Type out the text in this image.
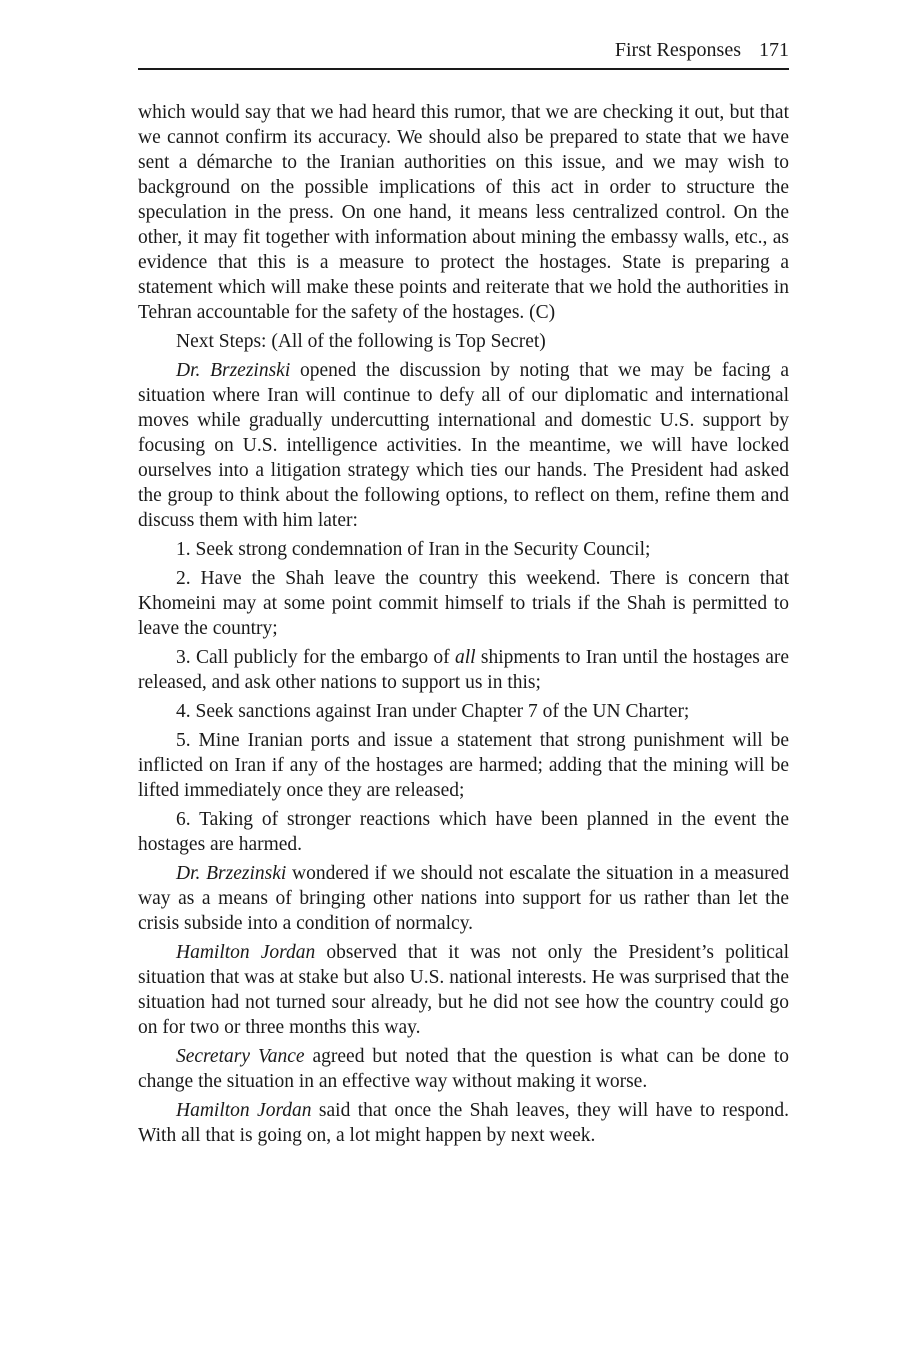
First Responses 171

which would say that we had heard this rumor, that we are checking it out, but that we cannot confirm its accuracy. We should also be prepared to state that we have sent a démarche to the Iranian authorities on this issue, and we may wish to background on the possible implications of this act in order to structure the speculation in the press. On one hand, it means less centralized control. On the other, it may fit together with information about mining the embassy walls, etc., as evidence that this is a measure to protect the hostages. State is preparing a statement which will make these points and reiterate that we hold the authorities in Tehran accountable for the safety of the hostages. (C)

Next Steps: (All of the following is Top Secret)

Dr. Brzezinski opened the discussion by noting that we may be facing a situation where Iran will continue to defy all of our diplomatic and international moves while gradually undercutting international and domestic U.S. support by focusing on U.S. intelligence activities. In the meantime, we will have locked ourselves into a litigation strategy which ties our hands. The President had asked the group to think about the following options, to reflect on them, refine them and discuss them with him later:

1. Seek strong condemnation of Iran in the Security Council;

2. Have the Shah leave the country this weekend. There is concern that Khomeini may at some point commit himself to trials if the Shah is permitted to leave the country;

3. Call publicly for the embargo of all shipments to Iran until the hostages are released, and ask other nations to support us in this;

4. Seek sanctions against Iran under Chapter 7 of the UN Charter;

5. Mine Iranian ports and issue a statement that strong punishment will be inflicted on Iran if any of the hostages are harmed; adding that the mining will be lifted immediately once they are released;

6. Taking of stronger reactions which have been planned in the event the hostages are harmed.

Dr. Brzezinski wondered if we should not escalate the situation in a measured way as a means of bringing other nations into support for us rather than let the crisis subside into a condition of normalcy.

Hamilton Jordan observed that it was not only the President’s political situation that was at stake but also U.S. national interests. He was surprised that the situation had not turned sour already, but he did not see how the country could go on for two or three months this way.

Secretary Vance agreed but noted that the question is what can be done to change the situation in an effective way without making it worse.

Hamilton Jordan said that once the Shah leaves, they will have to respond. With all that is going on, a lot might happen by next week.
